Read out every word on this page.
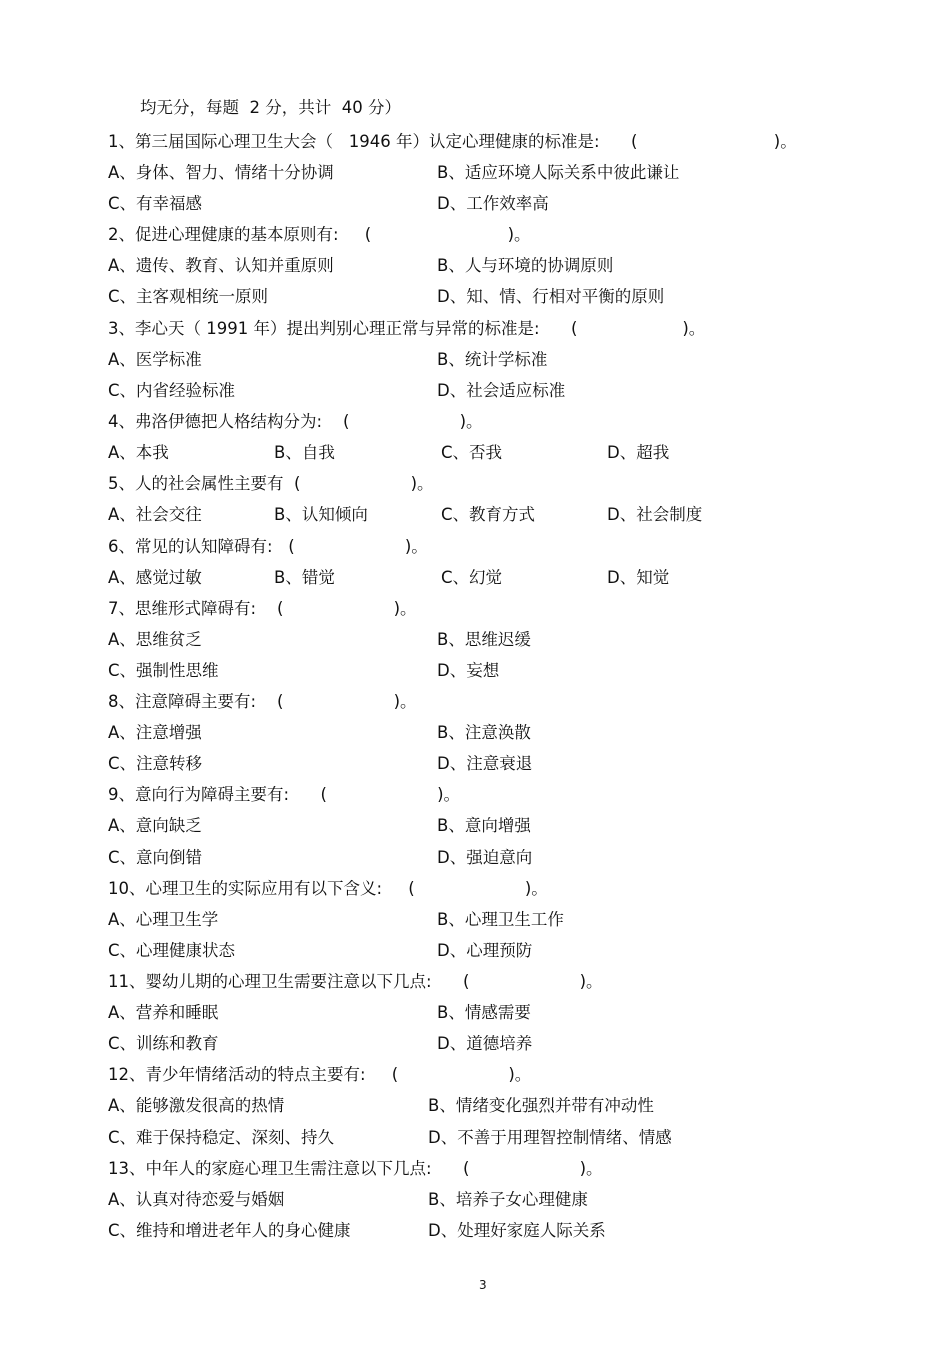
均无分，每题  2 分，共计  40 分）
1、第三届国际心理卫生大会（   1946 年）认定心理健康的标准是:      (                          )。
A、身体、智力、情绪十分协调	B、适应环境人际关系中彼此谦让
C、有幸福感	D、工作效率高
2、促进心理健康的基本原则有:     (                          )。
A、遗传、教育、认知并重原则	B、人与环境的协调原则
C、主客观相统一原则	D、知、情、行相对平衡的原则
3、李心天（ 1991 年）提出判别心理正常与异常的标准是:      (                    )。
A、医学标准	B、统计学标准
C、内省经验标准	D、社会适应标准
4、弗洛伊德把人格结构分为:    (                     )。
A、本我	B、自我	C、否我	D、超我
5、人的社会属性主要有  (                     )。
A、社会交往	B、认知倾向	C、教育方式	D、社会制度
6、常见的认知障碍有:   (                     )。
A、感觉过敏	B、错觉	C、幻觉	D、知觉
7、思维形式障碍有:    (                     )。
A、思维贫乏	B、思维迟缓
C、强制性思维	D、妄想
8、注意障碍主要有:    (                     )。
A、注意增强	B、注意涣散
C、注意转移	D、注意衰退
9、意向行为障碍主要有:      (                     )。
A、意向缺乏	B、意向增强
C、意向倒错	D、强迫意向
10、心理卫生的实际应用有以下含义:     (                     )。
A、心理卫生学	B、心理卫生工作
C、心理健康状态	D、心理预防
11、婴幼儿期的心理卫生需要注意以下几点:      (                     )。
A、营养和睡眠	B、情感需要
C、训练和教育	D、道德培养
12、青少年情绪活动的特点主要有:     (                     )。
A、能够激发很高的热情	B、情绪变化强烈并带有冲动性
C、难于保持稳定、深刻、持久	D、不善于用理智控制情绪、情感
13、中年人的家庭心理卫生需注意以下几点:      (                     )。
A、认真对待恋爱与婚姻	B、培养子女心理健康
C、维持和增进老年人的身心健康	D、处理好家庭人际关系
3
